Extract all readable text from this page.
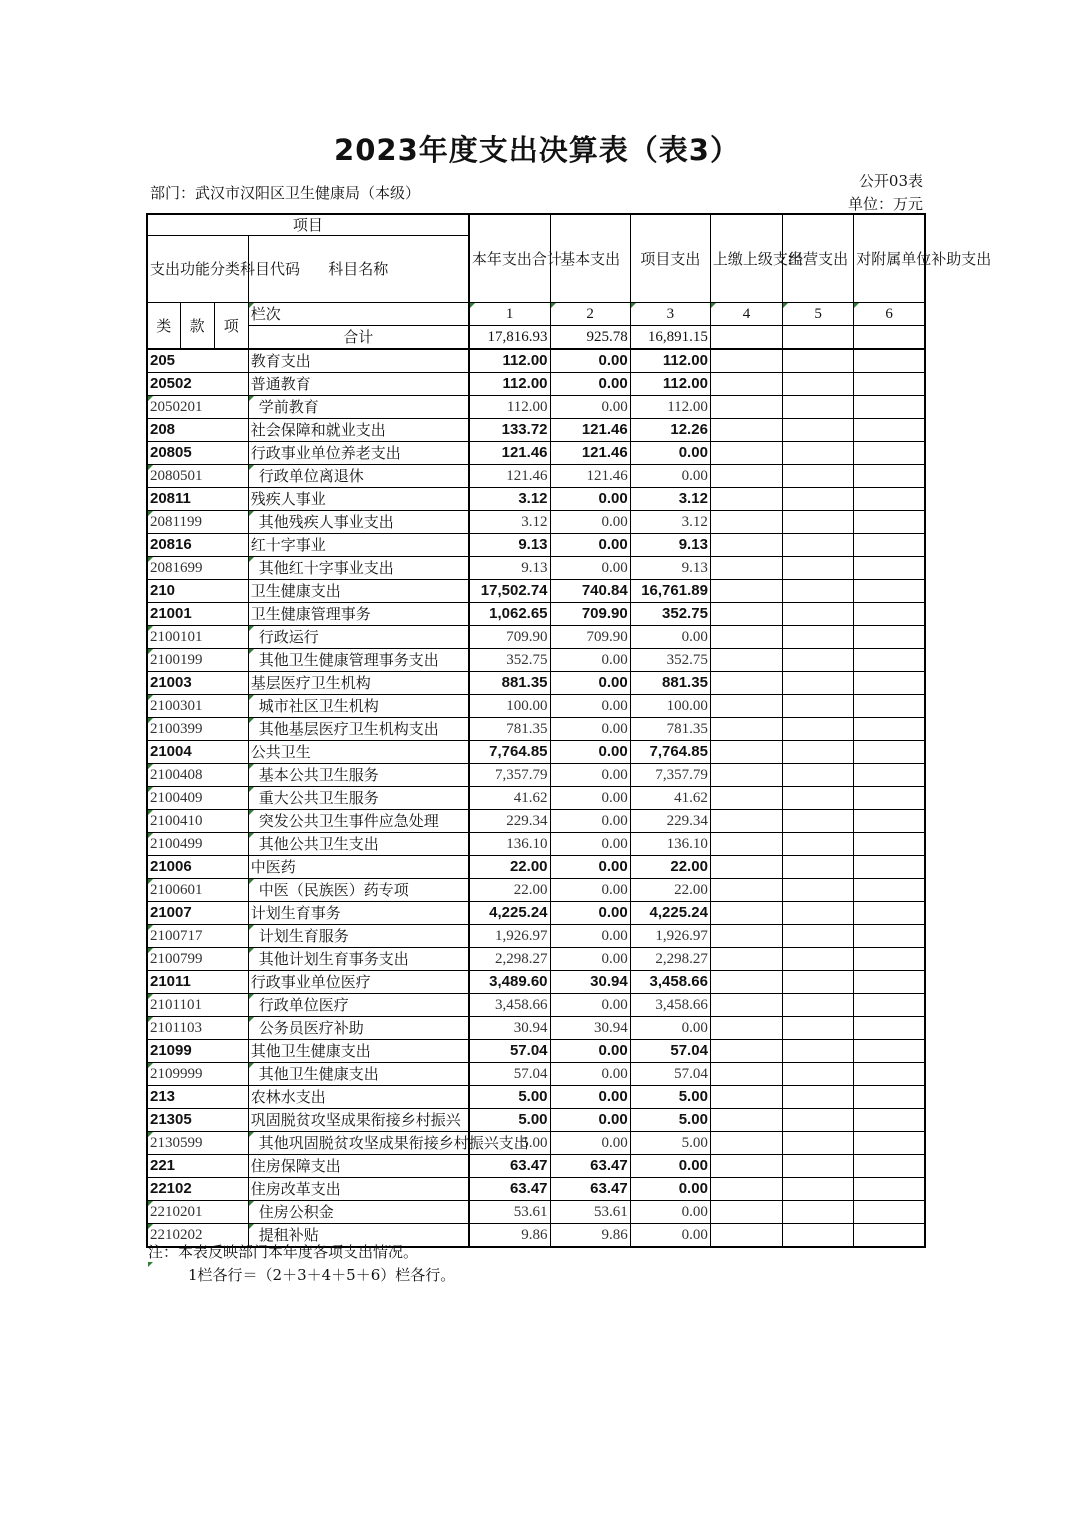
2023年度支出决算表（表3）
部门：武汉市汉阳区卫生健康局（本级）
公开03表
单位：万元
项目				本年支出合计	基本支出	项目支出	上缴上级支出	经营支出	对附属单位补助支出
支出功能分类科目代码			科目名称						
类	款	项	栏次	1	2	3	4	5	6
			合计	17,816.93	925.78	16,891.15			
205			教育支出	112.00	0.00	112.00			
20502			普通教育	112.00	0.00	112.00			
2050201			学前教育	112.00	0.00	112.00			
208			社会保障和就业支出	133.72	121.46	12.26			
20805			行政事业单位养老支出	121.46	121.46	0.00			
2080501			行政单位离退休	121.46	121.46	0.00			
20811			残疾人事业	3.12	0.00	3.12			
2081199			其他残疾人事业支出	3.12	0.00	3.12			
20816			红十字事业	9.13	0.00	9.13			
2081699			其他红十字事业支出	9.13	0.00	9.13			
210			卫生健康支出	17,502.74	740.84	16,761.89			
21001			卫生健康管理事务	1,062.65	709.90	352.75			
2100101			行政运行	709.90	709.90	0.00			
2100199			其他卫生健康管理事务支出	352.75	0.00	352.75			
21003			基层医疗卫生机构	881.35	0.00	881.35			
2100301			城市社区卫生机构	100.00	0.00	100.00			
2100399			其他基层医疗卫生机构支出	781.35	0.00	781.35			
21004			公共卫生	7,764.85	0.00	7,764.85			
2100408			基本公共卫生服务	7,357.79	0.00	7,357.79			
2100409			重大公共卫生服务	41.62	0.00	41.62			
2100410			突发公共卫生事件应急处理	229.34	0.00	229.34			
2100499			其他公共卫生支出	136.10	0.00	136.10			
21006			中医药	22.00	0.00	22.00			
2100601			中医（民族医）药专项	22.00	0.00	22.00			
21007			计划生育事务	4,225.24	0.00	4,225.24			
2100717			计划生育服务	1,926.97	0.00	1,926.97			
2100799			其他计划生育事务支出	2,298.27	0.00	2,298.27			
21011			行政事业单位医疗	3,489.60	30.94	3,458.66			
2101101			行政单位医疗	3,458.66	0.00	3,458.66			
2101103			公务员医疗补助	30.94	30.94	0.00			
21099			其他卫生健康支出	57.04	0.00	57.04			
2109999			其他卫生健康支出	57.04	0.00	57.04			
213			农林水支出	5.00	0.00	5.00			
21305			巩固脱贫攻坚成果衔接乡村振兴	5.00	0.00	5.00			
2130599			其他巩固脱贫攻坚成果衔接乡村振兴支出	5.00	0.00	5.00			
221			住房保障支出	63.47	63.47	0.00			
22102			住房改革支出	63.47	63.47	0.00			
2210201			住房公积金	53.61	53.61	0.00			
2210202			提租补贴	9.86	9.86	0.00			
注：本表反映部门本年度各项支出情况。
1栏各行＝（2＋3＋4＋5＋6）栏各行。
